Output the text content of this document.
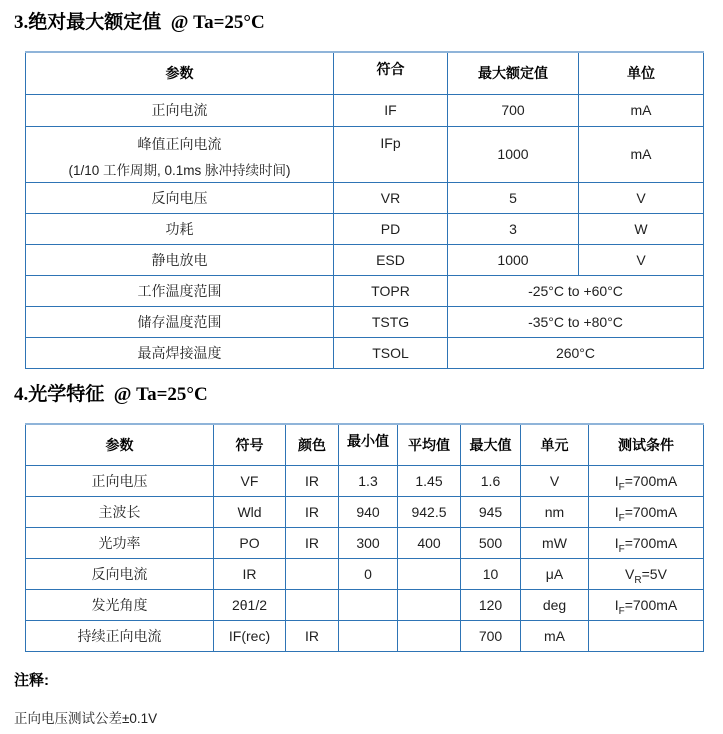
3.绝对最大额定值  @ Ta=25°C
参数	符合	最大额定值	单位
正向电流	IF	700	mA

峰值正向电流
(1/10 工作周期, 0.1ms 脉冲持续时间)	IFp	1000	mA
反向电压	VR	5	V
功耗	PD	3	W
静电放电	ESD	1000	V
工作温度范围	TOPR	-25°C to +60°C	
储存温度范围	TSTG	-35°C to +80°C	
最高焊接温度	TSOL	260°C	
4.光学特征  @ Ta=25°C
参数	符号	颜色	最小值	平均值	最大值	单元	测试条件
正向电压	VF	IR	1.3	1.45	1.6	V	$I_F=700mA$
主波长	Wld	IR	940	942.5	945	nm	$I_F=700mA$
光功率	PO	IR	300	400	500	mW	$I_F=700mA$
反向电流	IR		0		10	μA	$V_R=5V$
发光角度	2θ1/2				120	deg	$I_F=700mA$
持续正向电流	IF(rec)	IR			700	mA	
注释:
正向电压测试公差±0.1V
